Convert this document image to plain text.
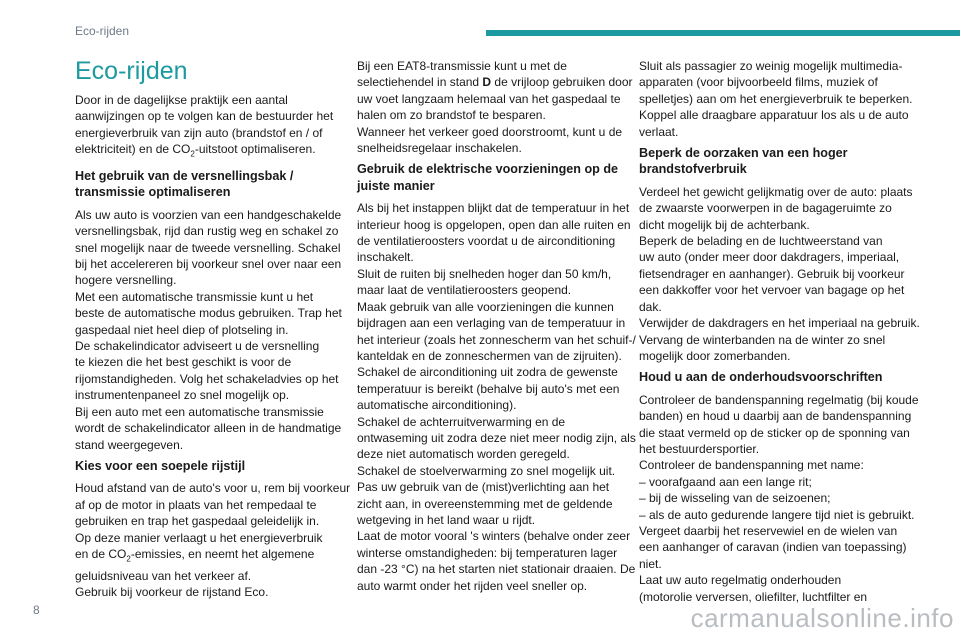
Eco-rijden
Eco-rijden
Door in de dagelijkse praktijk een aantal
aanwijzingen op te volgen kan de bestuurder het
energieverbruik van zijn auto (brandstof en / of
elektriciteit) en de $CO_2$-uitstoot optimaliseren.
Het gebruik van de versnellingsbak / transmissie optimaliseren
Als uw auto is voorzien van een handgeschakelde
versnellingsbak, rijd dan rustig weg en schakel zo
snel mogelijk naar de tweede versnelling. Schakel
bij het accelereren bij voorkeur snel over naar een
hogere versnelling.
Met een automatische transmissie kunt u het
beste de automatische modus gebruiken. Trap het
gaspedaal niet heel diep of plotseling in.
De schakelindicator adviseert u de versnelling
te kiezen die het best geschikt is voor de
rijomstandigheden. Volg het schakeladvies op het
instrumentenpaneel zo snel mogelijk op.
Bij een auto met een automatische transmissie
wordt de schakelindicator alleen in de handmatige
stand weergegeven.
Kies voor een soepele rijstijl
Houd afstand van de auto's voor u, rem bij voorkeur
af op de motor in plaats van het rempedaal te
gebruiken en trap het gaspedaal geleidelijk in.
Op deze manier verlaagt u het energieverbruik
en de $CO_2$-emissies, en neemt het algemene
geluidsniveau van het verkeer af.
Gebruik bij voorkeur de rijstand Eco.
Bij een EAT8-transmissie kunt u met de
selectiehendel in stand D de vrijloop gebruiken door
uw voet langzaam helemaal van het gaspedaal te
halen om zo brandstof te besparen.
Wanneer het verkeer goed doorstroomt, kunt u de
snelheidsregelaar inschakelen.
Gebruik de elektrische voorzieningen op de juiste manier
Als bij het instappen blijkt dat de temperatuur in het
interieur hoog is opgelopen, open dan alle ruiten en
de ventilatieroosters voordat u de airconditioning
inschakelt.
Sluit de ruiten bij snelheden hoger dan 50 km/h,
maar laat de ventilatieroosters geopend.
Maak gebruik van alle voorzieningen die kunnen
bijdragen aan een verlaging van de temperatuur in
het interieur (zoals het zonnescherm van het schuif-/
kanteldak en de zonneschermen van de zijruiten).
Schakel de airconditioning uit zodra de gewenste
temperatuur is bereikt (behalve bij auto's met een
automatische airconditioning).
Schakel de achterruitverwarming en de
ontwaseming uit zodra deze niet meer nodig zijn, als
deze niet automatisch worden geregeld.
Schakel de stoelverwarming zo snel mogelijk uit.
Pas uw gebruik van de (mist)verlichting aan het
zicht aan, in overeenstemming met de geldende
wetgeving in het land waar u rijdt.
Laat de motor vooral 's winters (behalve onder zeer
winterse omstandigheden: bij temperaturen lager
dan -23 °C) na het starten niet stationair draaien. De
auto warmt onder het rijden veel sneller op.
Sluit als passagier zo weinig mogelijk multimedia-
apparaten (voor bijvoorbeeld films, muziek of
spelletjes) aan om het energieverbruik te beperken.
Koppel alle draagbare apparatuur los als u de auto
verlaat.
Beperk de oorzaken van een hoger brandstofverbruik
Verdeel het gewicht gelijkmatig over de auto: plaats
de zwaarste voorwerpen in de bagageruimte zo
dicht mogelijk bij de achterbank.
Beperk de belading en de luchtweerstand van
uw auto (onder meer door dakdragers, imperiaal,
fietsendrager en aanhanger). Gebruik bij voorkeur
een dakkoffer voor het vervoer van bagage op het
dak.
Verwijder de dakdragers en het imperiaal na gebruik.
Vervang de winterbanden na de winter zo snel
mogelijk door zomerbanden.
Houd u aan de onderhoudsvoorschriften
Controleer de bandenspanning regelmatig (bij koude
banden) en houd u daarbij aan de bandenspanning
die staat vermeld op de sticker op de sponning van
het bestuurdersportier.
Controleer de bandenspanning met name:
– voorafgaand aan een lange rit;
– bij de wisseling van de seizoenen;
– als de auto gedurende langere tijd niet is gebruikt.
Vergeet daarbij het reservewiel en de wielen van
een aanhanger of caravan (indien van toepassing)
niet.
Laat uw auto regelmatig onderhouden
(motorolie verversen, oliefilter, luchtfilter en
8	carmanualsonline.info
